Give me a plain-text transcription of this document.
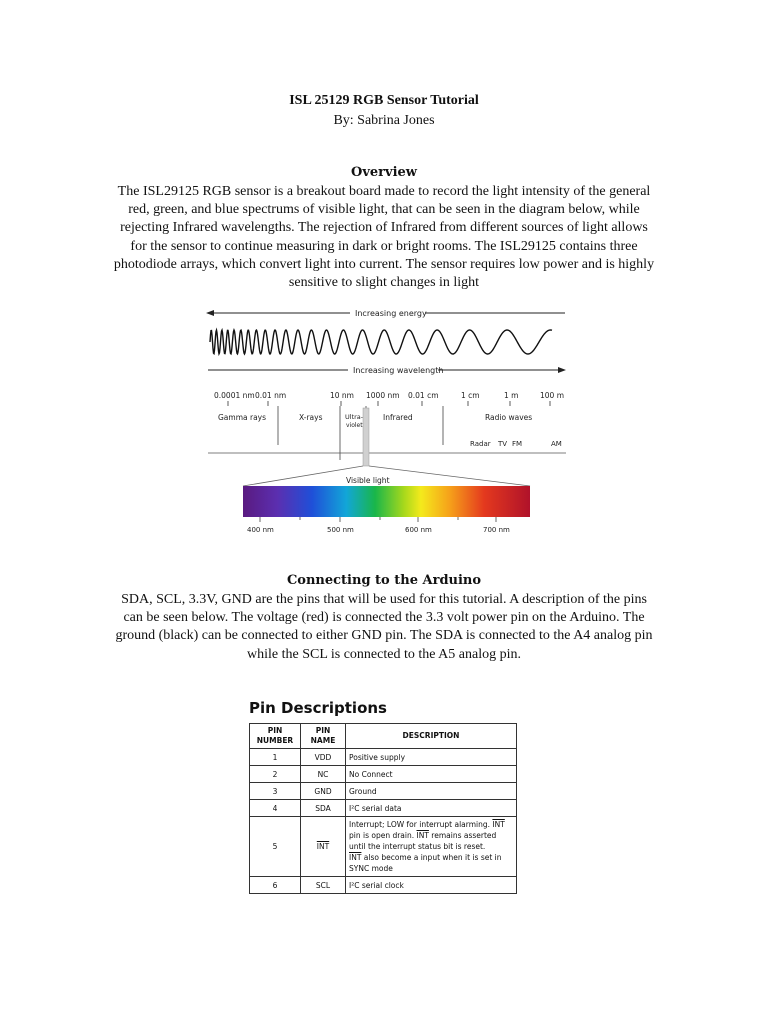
ISL 25129 RGB Sensor Tutorial
By: Sabrina Jones
Overview
The ISL29125 RGB sensor is a breakout board made to record the light intensity of the general red, green, and blue spectrums of visible light, that can be seen in the diagram below, while rejecting Infrared wavelengths. The rejection of Infrared from different sources of light allows for the sensor to continue measuring in dark or bright rooms. The ISL29125 contains three photodiode arrays, which convert light into current. The sensor requires low power and is highly sensitive to slight changes in light
Increasing energy
Increasing wavelength
0.0001 nm 0.01 nm	10 nm 1000 nm 0.01 cm	1 cm	1 m	100 m
Gamma rays	X-rays	Ultra-
violet
Infrared	Radio waves
Radar TV FM	AM
Visible light
400 nm	500 nm	600 nm	700 nm
Connecting to the Arduino
SDA, SCL, 3.3V, GND are the pins that will be used for this tutorial. A description of the pins can be seen below. The voltage (red) is connected the 3.3 volt power pin on the Arduino. The ground (black) can be connected to either GND pin. The SDA is connected to the A4 analog pin while the SCL is connected to the A5 analog pin.
Pin Descriptions
PIN
NUMBER	PIN NAME	DESCRIPTION
1	VDD	Positive supply
2	NC	No Connect
3	GND	Ground
4	SDA	I²C serial data
5	$\overline{INT}$	Interrupt; LOW for interrupt alarming. $\overline{INT}$ pin is open drain. $\overline{INT}$ remains asserted until the interrupt status bit is reset.
$\overline{INT}$ also become a input when it is set in SYNC mode
6	SCL	I²C serial clock
